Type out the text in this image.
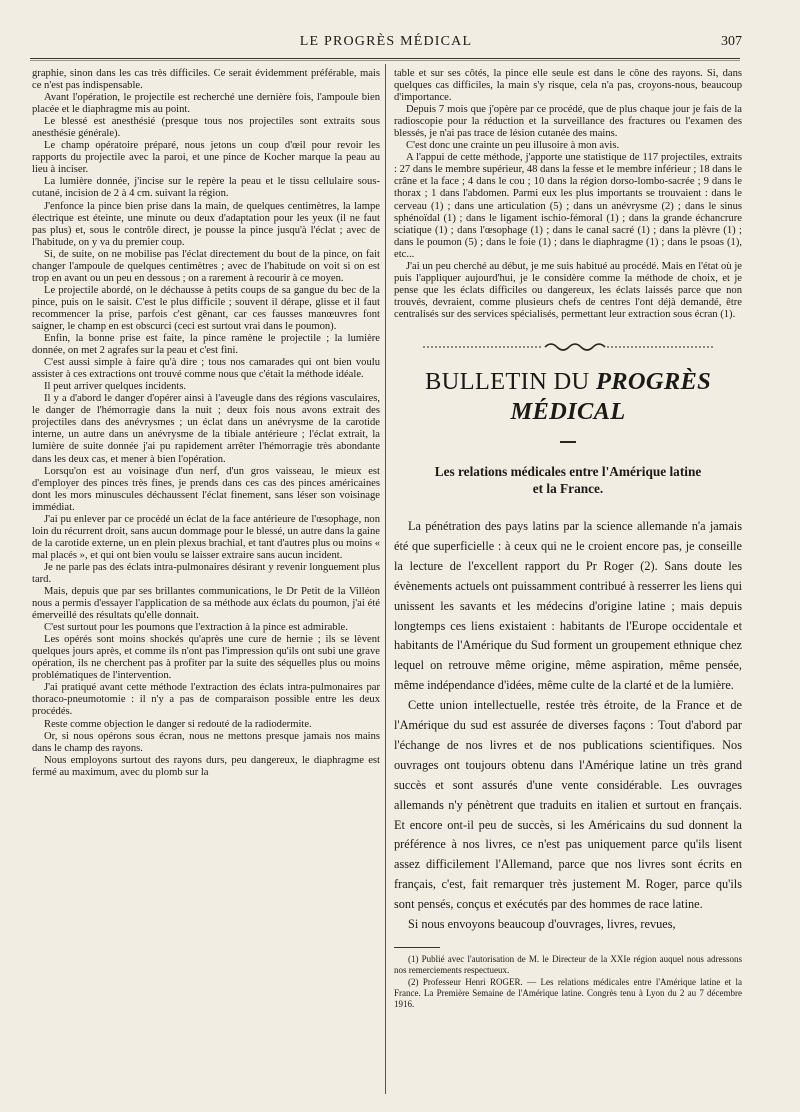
LE PROGRÈS MÉDICAL	307

graphie, sinon dans les cas très difficiles. Ce serait évidemment préférable, mais ce n'est pas indispensable.

Avant l'opération, le projectile est recherché une dernière fois, l'ampoule bien placée et le diaphragme mis au point.

Le blessé est anesthésié (presque tous nos projectiles sont extraits sous anesthésie générale).

Le champ opératoire préparé, nous jetons un coup d'œil pour revoir les rapports du projectile avec la paroi, et une pince de Kocher marque la peau au lieu à inciser.

La lumière donnée, j'incise sur le repère la peau et le tissu cellulaire sous-cutané, incision de 2 à 4 cm. suivant la région.

J'enfonce la pince bien prise dans la main, de quelques centimètres, la lampe électrique est éteinte, une minute ou deux d'adaptation pour les yeux (il ne faut pas plus) et, sous le contrôle direct, je pousse la pince jusqu'à l'éclat ; avec de l'habitude, on y va du premier coup.

Si, de suite, on ne mobilise pas l'éclat directement du bout de la pince, on fait changer l'ampoule de quelques centimètres ; avec de l'habitude on voit si on est trop en avant ou un peu en dessous ; on a rarement à recourir à ce moyen.

Le projectile abordé, on le déchausse à petits coups de sa gangue du bec de la pince, puis on le saisit. C'est le plus difficile ; souvent il dérape, glisse et il faut recommencer la prise, parfois c'est gênant, car ces fausses manœuvres font saigner, le champ en est obscurci (ceci est surtout vrai dans le poumon).

Enfin, la bonne prise est faite, la pince ramène le projectile ; la lumière donnée, on met 2 agrafes sur la peau et c'est fini.

C'est aussi simple à faire qu'à dire ; tous nos camarades qui ont bien voulu assister à ces extractions ont trouvé comme nous que c'était la méthode idéale.

Il peut arriver quelques incidents.

Il y a d'abord le danger d'opérer ainsi à l'aveugle dans des régions vasculaires, le danger de l'hémorragie dans la nuit ; deux fois nous avons extrait des projectiles dans des anévrysmes ; un éclat dans un anévrysme de la carotide interne, un autre dans un anévrysme de la tibiale antérieure ; l'éclat extrait, la lumière de suite donnée j'ai pu rapidement arrêter l'hémorragie très abondante dans les deux cas, et mener à bien l'opération.

Lorsqu'on est au voisinage d'un nerf, d'un gros vaisseau, le mieux est d'employer des pinces très fines, je prends dans ces cas des pinces américaines dont les mors minuscules déchaussent l'éclat finement, sans léser son voisinage immédiat.

J'ai pu enlever par ce procédé un éclat de la face antérieure de l'œsophage, non loin du récurrent droit, sans aucun dommage pour le blessé, un autre dans la gaine de la carotide externe, un en plein plexus brachial, et tant d'autres plus ou moins « mal placés », et qui ont bien voulu se laisser extraire sans aucun incident.

Je ne parle pas des éclats intra-pulmonaires désirant y revenir longuement plus tard.

Mais, depuis que par ses brillantes communications, le Dr Petit de la Villéon nous a permis d'essayer l'application de sa méthode aux éclats du poumon, j'ai été émerveillé des résultats qu'elle donnait.

C'est surtout pour les poumons que l'extraction à la pince est admirable.

Les opérés sont moins shockés qu'après une cure de hernie ; ils se lèvent quelques jours après, et comme ils n'ont pas l'impression qu'ils ont subi une grave opération, ils ne cherchent pas à profiter par la suite des séquelles plus ou moins problématiques de l'intervention.

J'ai pratiqué avant cette méthode l'extraction des éclats intra-pulmonaires par thoraco-pneumotomie : il n'y a pas de comparaison possible entre les deux procédés.

Reste comme objection le danger si redouté de la radiodermite.

Or, si nous opérons sous écran, nous ne mettons presque jamais nos mains dans le champ des rayons.

Nous employons surtout des rayons durs, peu dangereux, le diaphragme est fermé au maximum, avec du plomb sur la

table et sur ses côtés, la pince elle seule est dans le cône des rayons. Si, dans quelques cas difficiles, la main s'y risque, cela n'a pas, croyons-nous, beaucoup d'importance.

Depuis 7 mois que j'opère par ce procédé, que de plus chaque jour je fais de la radioscopie pour la réduction et la surveillance des fractures ou l'examen des blessés, je n'ai pas trace de lésion cutanée des mains.

C'est donc une crainte un peu illusoire à mon avis.

A l'appui de cette méthode, j'apporte une statistique de 117 projectiles, extraits : 27 dans le membre supérieur, 48 dans la fesse et le membre inférieur ; 18 dans le crâne et la face ; 4 dans le cou ; 10 dans la région dorso-lombo-sacrée ; 9 dans le thorax ; 1 dans l'abdomen. Parmi eux les plus importants se trouvaient : dans le cerveau (1) ; dans une articulation (5) ; dans un anévrysme (2) ; dans le sinus sphénoïdal (1) ; dans le ligament ischio-fémoral (1) ; dans la grande échancrure sciatique (1) ; dans l'œsophage (1) ; dans le canal sacré (1) ; dans la plèvre (1) ; dans le poumon (5) ; dans le foie (1) ; dans le diaphragme (1) ; dans le psoas (1), etc...

J'ai un peu cherché au début, je me suis habitué au procédé. Mais en l'état où je puis l'appliquer aujourd'hui, je le considère comme la méthode de choix, et je pense que les éclats difficiles ou dangereux, les éclats laissés parce que non trouvés, devraient, comme plusieurs chefs de centres l'ont déjà demandé, être centralisés sur des services spécialisés, permettant leur extraction sous écran (1).

BULLETIN DU PROGRÈS MÉDICAL
Les relations médicales entre l'Amérique latine
et la France.

La pénétration des pays latins par la science allemande n'a jamais été que superficielle : à ceux qui ne le croient encore pas, je conseille la lecture de l'excellent rapport du Pr Roger (2). Sans doute les évènements actuels ont puissamment contribué à resserrer les liens qui unissent les savants et les médecins d'origine latine ; mais depuis longtemps ces liens existaient : habitants de l'Europe occidentale et habitants de l'Amérique du Sud forment un groupement ethnique chez lequel on retrouve même origine, même aspiration, même pensée, même indépendance d'idées, même culte de la clarté et de la lumière.

Cette union intellectuelle, restée très étroite, de la France et de l'Amérique du sud est assurée de diverses façons : Tout d'abord par l'échange de nos livres et de nos publications scientifiques. Nos ouvrages ont toujours obtenu dans l'Amérique latine un très grand succès et sont assurés d'une vente considérable. Les ouvrages allemands n'y pénètrent que traduits en italien et surtout en français. Et encore ont-il peu de succès, si les Américains du sud donnent la préférence à nos livres, ce n'est pas uniquement parce qu'ils lisent assez difficilement l'Allemand, parce que nos livres sont écrits en français, c'est, fait remarquer très justement M. Roger, parce qu'ils sont pensés, conçus et exécutés par des hommes de race latine.

Si nous envoyons beaucoup d'ouvrages, livres, revues,

(1) Publié avec l'autorisation de M. le Directeur de la XXIe région auquel nous adressons nos remerciements respectueux.

(2) Professeur Henri ROGER. — Les relations médicales entre l'Amérique latine et la France. La Première Semaine de l'Amérique latine. Congrès tenu à Lyon du 2 au 7 décembre 1916.
